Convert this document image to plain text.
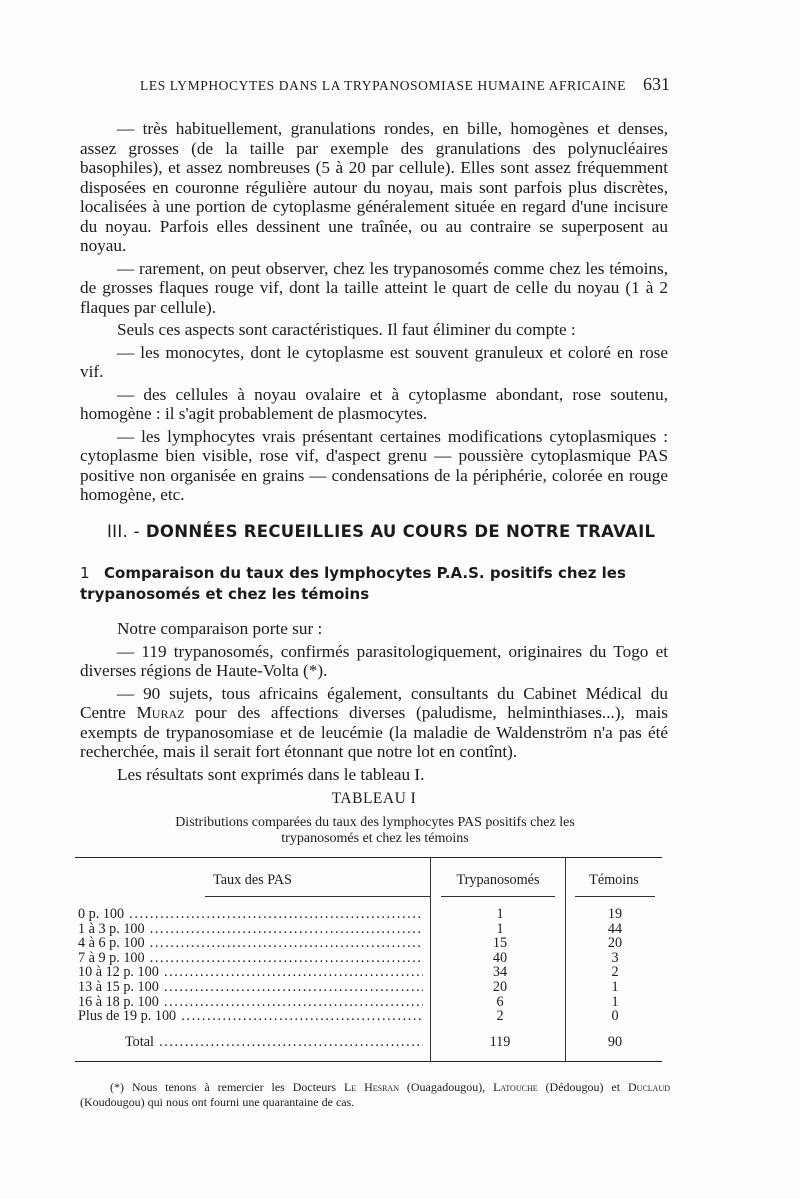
LES LYMPHOCYTES DANS LA TRYPANOSOMIASE HUMAINE AFRICAINE 631

— très habituellement, granulations rondes, en bille, homogènes et denses, assez grosses (de la taille par exemple des granulations des polynucléaires basophiles), et assez nombreuses (5 à 20 par cellule). Elles sont assez fréquemment disposées en couronne régulière autour du noyau, mais sont parfois plus discrètes, localisées à une portion de cytoplasme généralement située en regard d'une incisure du noyau. Parfois elles dessinent une traînée, ou au contraire se superposent au noyau.

— rarement, on peut observer, chez les trypanosomés comme chez les témoins, de grosses flaques rouge vif, dont la taille atteint le quart de celle du noyau (1 à 2 flaques par cellule).

Seuls ces aspects sont caractéristiques. Il faut éliminer du compte :

— les monocytes, dont le cytoplasme est souvent granuleux et coloré en rose vif.

— des cellules à noyau ovalaire et à cytoplasme abondant, rose soutenu, homogène : il s'agit probablement de plasmocytes.

— les lymphocytes vrais présentant certaines modifications cytoplasmiques : cytoplasme bien visible, rose vif, d'aspect grenu — poussière cytoplasmique PAS positive non organisée en grains — condensations de la périphérie, colorée en rouge homogène, etc.

III. - DONNÉES RECUEILLIES AU COURS DE NOTRE TRAVAIL
1 Comparaison du taux des lymphocytes P.A.S. positifs chez les trypanosomés et chez les témoins

Notre comparaison porte sur :

— 119 trypanosomés, confirmés parasitologiquement, originaires du Togo et diverses régions de Haute-Volta (*).

— 90 sujets, tous africains également, consultants du Cabinet Médical du Centre Muraz pour des affections diverses (paludisme, helminthiases...), mais exempts de trypanosomiase et de leucémie (la maladie de Waldenström n'a pas été recherchée, mais il serait fort étonnant que notre lot en contînt).

Les résultats sont exprimés dans le tableau I.

TABLEAU I
Distributions comparées du taux des lymphocytes PAS positifs chez les trypanosomés et chez les témoins
Taux des PAS	Trypanosomés	Témoins
0 p. 100 .....	1	19
1 à 3 p. 100 .....	1	44
4 à 6 p. 100 .....	15	20
7 à 9 p. 100 .....	40	3
10 à 12 p. 100 .....	34	2
13 à 15 p. 100 .....	20	1
16 à 18 p. 100 .....	6	1
Plus de 19 p. 100 .....	2	0
Total .....	119	90
(*) Nous tenons à remercier les Docteurs Le Hesran (Ouagadougou), Latouche (Dédougou) et Duclaud (Koudougou) qui nous ont fourni une quarantaine de cas.
